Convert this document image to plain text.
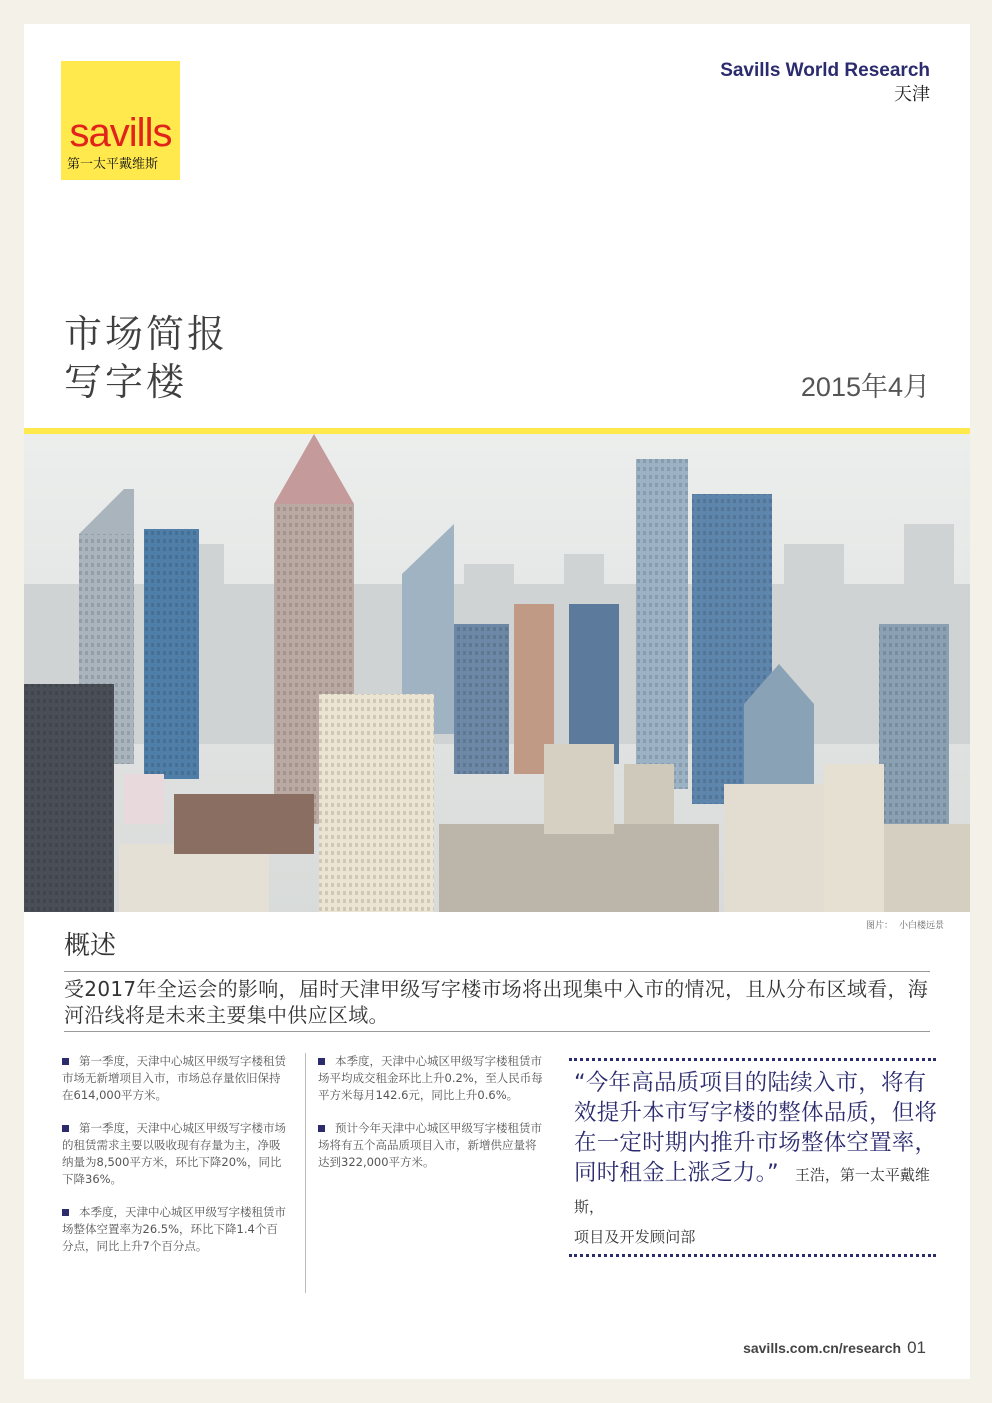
savills
第一太平戴维斯
Savills World Research
天津
市场简报
写字楼	2015年4月
图片： 小白楼远景
概述
受2017年全运会的影响，届时天津甲级写字楼市场将出现集中入市的情况，且从分布区域看，海河沿线将是未来主要集中供应区域。

第一季度，天津中心城区甲级写字楼租赁市场无新增项目入市，市场总存量依旧保持在614,000平方米。

第一季度，天津中心城区甲级写字楼市场的租赁需求主要以吸收现有存量为主，净吸纳量为8,500平方米，环比下降20%，同比下降36%。

本季度，天津中心城区甲级写字楼租赁市场整体空置率为26.5%，环比下降1.4个百分点，同比上升7个百分点。

本季度，天津中心城区甲级写字楼租赁市场平均成交租金环比上升0.2%，至人民币每平方米每月142.6元，同比上升0.6%。

预计今年天津中心城区甲级写字楼租赁市场将有五个高品质项目入市，新增供应量将达到322,000平方米。

“今年高品质项目的陆续入市，将有效提升本市写字楼的整体品质，但将在一定时期内推升市场整体空置率，同时租金上涨乏力。” 王浩，第一太平戴维斯，
项目及开发顾问部
savills.com.cn/research 01
